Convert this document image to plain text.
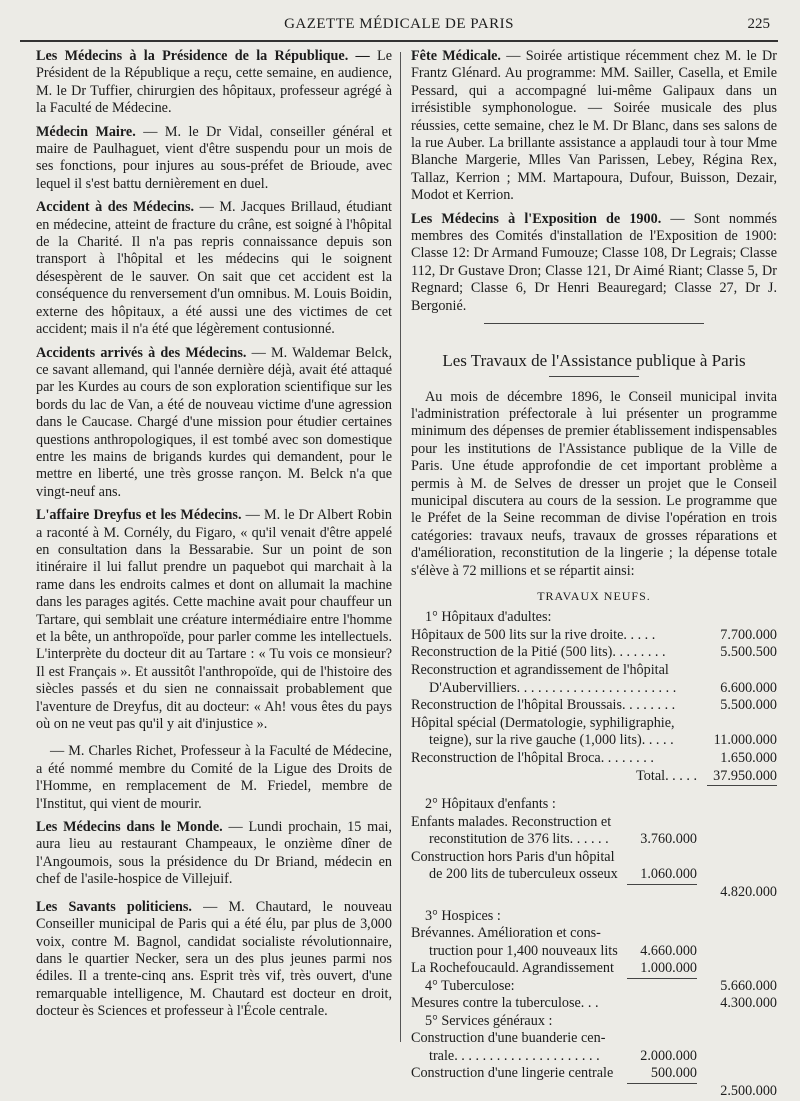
GAZETTE MÉDICALE DE PARIS	225

Les Médecins à la Présidence de la République. — Le Président de la République a reçu, cette semaine, en audience, M. le Dr Tuffier, chirurgien des hôpitaux, professeur agrégé à la Faculté de Médecine.

Médecin Maire. — M. le Dr Vidal, conseiller général et maire de Paulhaguet, vient d'être suspendu pour un mois de ses fonctions, pour injures au sous-préfet de Brioude, avec lequel il s'est battu dernièrement en duel.

Accident à des Médecins. — M. Jacques Brillaud, étudiant en médecine, atteint de fracture du crâne, est soigné à l'hôpital de la Charité. Il n'a pas repris connaissance depuis son transport à l'hôpital et les médecins qui le soignent désespèrent de le sauver. On sait que cet accident est la conséquence du renversement d'un omnibus. M. Louis Boidin, externe des hôpitaux, a été aussi une des victimes de cet accident; mais il n'a été que légèrement contusionné.

Accidents arrivés à des Médecins. — M. Waldemar Belck, ce savant allemand, qui l'année dernière déjà, avait été attaqué par les Kurdes au cours de son exploration scientifique sur les bords du lac de Van, a été de nouveau victime d'une agression dans le Caucase. Chargé d'une mission pour étudier certaines questions anthropologiques, il est tombé avec son domestique entre les mains de brigands kurdes qui demandent, pour le mettre en liberté, une très grosse rançon. M. Belck n'a que vingt-neuf ans.

L'affaire Dreyfus et les Médecins. — M. le Dr Albert Robin a raconté à M. Cornély, du Figaro, « qu'il venait d'être appelé en consultation dans la Bessarabie. Sur un point de son itinéraire il lui fallut prendre un paquebot qui marchait à la rame dans les endroits calmes et dont on allumait la machine dans les parages agités. Cette machine avait pour chauffeur un Tartare, qui semblait une créature intermédiaire entre l'homme et la bête, un anthropoïde, pour parler comme les intellectuels. L'interprète du docteur dit au Tartare : « Tu vois ce monsieur? Il est Français ». Et aussitôt l'anthropoïde, qui de l'histoire des siècles passés et du sien ne connaissait probablement que l'aventure de Dreyfus, dit au docteur: « Ah! vous êtes du pays où on ne veut pas qu'il y ait d'injustice ».

— M. Charles Richet, Professeur à la Faculté de Médecine, a été nommé membre du Comité de la Ligue des Droits de l'Homme, en remplacement de M. Friedel, membre de l'Institut, qui vient de mourir.

Les Médecins dans le Monde. — Lundi prochain, 15 mai, aura lieu au restaurant Champeaux, le onzième dîner de l'Angoumois, sous la présidence du Dr Briand, médecin en chef de l'asile-hospice de Villejuif.

Les Savants politiciens. — M. Chautard, le nouveau Conseiller municipal de Paris qui a été élu, par plus de 3,000 voix, contre M. Bagnol, candidat socialiste révolutionnaire, dans le quartier Necker, sera un des plus jeunes parmi nos édiles. Il a trente-cinq ans. Esprit très vif, très ouvert, d'une remarquable intelligence, M. Chautard est docteur en droit, docteur ès Sciences et professeur à l'École centrale.

Fête Médicale. — Soirée artistique récemment chez M. le Dr Frantz Glénard. Au programme: MM. Sailler, Casella, et Emile Pessard, qui a accompagné lui-même Galipaux dans un irrésistible symphonologue. — Soirée musicale des plus réussies, cette semaine, chez le M. Dr Blanc, dans ses salons de la rue Auber. La brillante assistance a applaudi tour à tour Mme Blanche Margerie, Mlles Van Parissen, Lebey, Régina Rex, Tallaz, Kerrion ; MM. Martapoura, Dufour, Buisson, Dezair, Modot et Kerrion.

Les Médecins à l'Exposition de 1900. — Sont nommés membres des Comités d'installation de l'Exposition de 1900: Classe 12: Dr Armand Fumouze; Classe 108, Dr Legrais; Classe 112, Dr Gustave Dron; Classe 121, Dr Aimé Riant; Classe 5, Dr Regnard; Classe 6, Dr Henri Beauregard; Classe 27, Dr J. Bergonié.

Les Travaux de l'Assistance publique à Paris

Au mois de décembre 1896, le Conseil municipal invita l'administration préfectorale à lui présenter un programme minimum des dépenses de premier établissement indispensables pour les institutions de l'Assistance publique de la Ville de Paris. Une étude approfondie de cet important problème a permis à M. de Selves de dresser un projet que le Conseil municipal discutera au cours de la session. Le programme que le Préfet de la Seine recomman de divise l'opération en trois catégories: travaux neufs, travaux de grosses réparations et d'amélioration, reconstitution de la lingerie ; la dépense totale s'élève à 72 millions et se répartit ainsi:

TRAVAUX NEUFS.
1° Hôpitaux d'adultes:
Hôpitaux de 500 lits sur la rive droite. . . . .	7.700.000
Reconstruction de la Pitié (500 lits). . . . . . . .	5.500.500
Reconstruction et agrandissement de l'hôpital
D'Aubervilliers. . . . . . . . . . . . . . . . . . . . . . .	6.600.000
Reconstruction de l'hôpital Broussais. . . . . . . .	5.500.000
Hôpital spécial (Dermatologie, syphiligraphie,
teigne), sur la rive gauche (1,000 lits). . . . .	11.000.000
Reconstruction de l'hôpital Broca. . . . . . . .	1.650.000
Total. . . . .	37.950.000
2° Hôpitaux d'enfants :
Enfants malades. Reconstruction et
reconstitution de 376 lits. . . . . .	3.760.000
Construction hors Paris d'un hôpital
de 200 lits de tuberculeux osseux	1.060.000
4.820.000
3° Hospices :
Brévannes. Amélioration et cons-
truction pour 1,400 nouveaux lits	4.660.000
La Rochefoucauld. Agrandissement	1.000.000
4° Tuberculose:	5.660.000
Mesures contre la tuberculose. . .	4.300.000
5° Services généraux :
Construction d'une buanderie cen-
trale. . . . . . . . . . . . . . . . . . . . .	2.000.000
Construction d'une lingerie centrale	500.000
2.500.000
